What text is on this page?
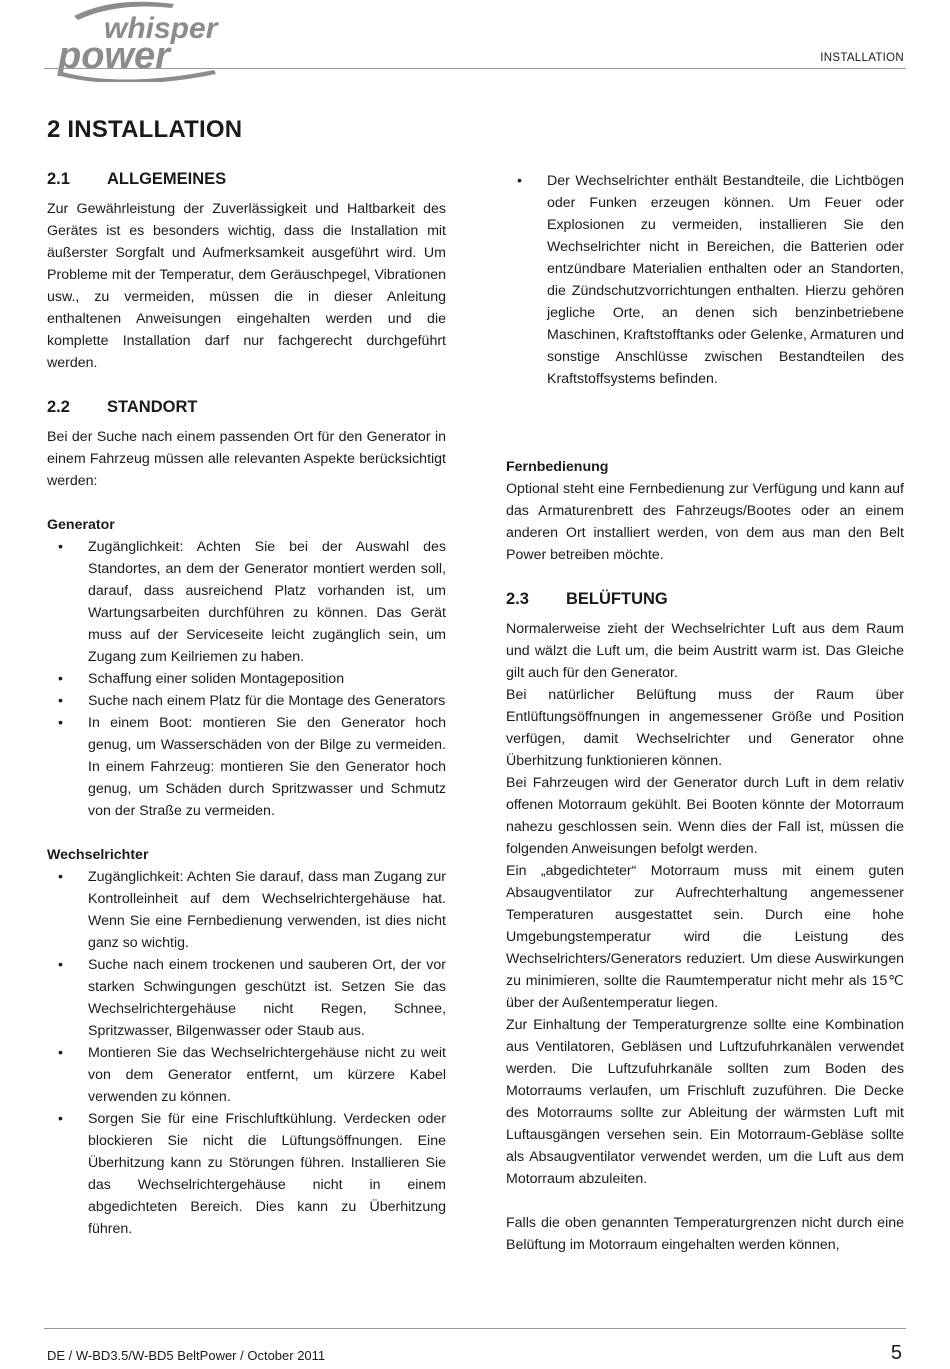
whisper
power	INSTALLATION
2 INSTALLATION
2.1 ALLGEMEINES

Zur Gewährleistung der Zuverlässigkeit und Haltbarkeit des Gerätes ist es besonders wichtig, dass die Installation mit äußerster Sorgfalt und Aufmerksamkeit ausgeführt wird. Um Probleme mit der Temperatur, dem Geräuschpegel, Vibrationen usw., zu vermeiden, müssen die in dieser Anleitung enthaltenen Anweisungen eingehalten werden und die komplette Installation darf nur fachgerecht durchgeführt werden.

2.2 STANDORT

Bei der Suche nach einem passenden Ort für den Generator in einem Fahrzeug müssen alle relevanten Aspekte berücksichtigt werden:

Generator

• Zugänglichkeit: Achten Sie bei der Auswahl des Standortes, an dem der Generator montiert werden soll, darauf, dass ausreichend Platz vorhanden ist, um Wartungsarbeiten durchführen zu können. Das Gerät muss auf der Serviceseite leicht zugänglich sein, um Zugang zum Keilriemen zu haben.
• Schaffung einer soliden Montageposition
• Suche nach einem Platz für die Montage des Generators
• In einem Boot: montieren Sie den Generator hoch genug, um Wasserschäden von der Bilge zu vermeiden. In einem Fahrzeug: montieren Sie den Generator hoch genug, um Schäden durch Spritzwasser und Schmutz von der Straße zu vermeiden.

Wechselrichter

• Zugänglichkeit: Achten Sie darauf, dass man Zugang zur Kontrolleinheit auf dem Wechselrichtergehäuse hat. Wenn Sie eine Fernbedienung verwenden, ist dies nicht ganz so wichtig.
• Suche nach einem trockenen und sauberen Ort, der vor starken Schwingungen geschützt ist. Setzen Sie das Wechselrichtergehäuse nicht Regen, Schnee, Spritzwasser, Bilgenwasser oder Staub aus.
• Montieren Sie das Wechselrichtergehäuse nicht zu weit von dem Generator entfernt, um kürzere Kabel verwenden zu können.
• Sorgen Sie für eine Frischluftkühlung. Verdecken oder blockieren Sie nicht die Lüftungsöffnungen. Eine Überhitzung kann zu Störungen führen. Installieren Sie das Wechselrichtergehäuse nicht in einem abgedichteten Bereich. Dies kann zu Überhitzung führen.
• Der Wechselrichter enthält Bestandteile, die Lichtbögen oder Funken erzeugen können. Um Feuer oder Explosionen zu vermeiden, installieren Sie den Wechselrichter nicht in Bereichen, die Batterien oder entzündbare Materialien enthalten oder an Standorten, die Zündschutzvorrichtungen enthalten. Hierzu gehören jegliche Orte, an denen sich benzinbetriebene Maschinen, Kraftstofftanks oder Gelenke, Armaturen und sonstige Anschlüsse zwischen Bestandteilen des Kraftstoffsystems befinden.

Fernbedienung

Optional steht eine Fernbedienung zur Verfügung und kann auf das Armaturenbrett des Fahrzeugs/Bootes oder an einem anderen Ort installiert werden, von dem aus man den Belt Power betreiben möchte.

2.3 BELÜFTUNG

Normalerweise zieht der Wechselrichter Luft aus dem Raum und wälzt die Luft um, die beim Austritt warm ist. Das Gleiche gilt auch für den Generator.

Bei natürlicher Belüftung muss der Raum über Entlüftungsöffnungen in angemessener Größe und Position verfügen, damit Wechselrichter und Generator ohne Überhitzung funktionieren können.

Bei Fahrzeugen wird der Generator durch Luft in dem relativ offenen Motorraum gekühlt. Bei Booten könnte der Motorraum nahezu geschlossen sein. Wenn dies der Fall ist, müssen die folgenden Anweisungen befolgt werden.

Ein „abgedichteter“ Motorraum muss mit einem guten Absaugventilator zur Aufrechterhaltung angemessener Temperaturen ausgestattet sein. Durch eine hohe Umgebungstemperatur wird die Leistung des Wechselrichters/Generators reduziert. Um diese Auswirkungen zu minimieren, sollte die Raumtemperatur nicht mehr als 15℃ über der Außentemperatur liegen.

Zur Einhaltung der Temperaturgrenze sollte eine Kombination aus Ventilatoren, Gebläsen und Luftzufuhrkanälen verwendet werden. Die Luftzufuhrkanäle sollten zum Boden des Motorraums verlaufen, um Frischluft zuzuführen. Die Decke des Motorraums sollte zur Ableitung der wärmsten Luft mit Luftausgängen versehen sein. Ein Motorraum-Gebläse sollte als Absaugventilator verwendet werden, um die Luft aus dem Motorraum abzuleiten.

Falls die oben genannten Temperaturgrenzen nicht durch eine Belüftung im Motorraum eingehalten werden können,

DE / W-BD3.5/W-BD5 BeltPower / October 2011	5
